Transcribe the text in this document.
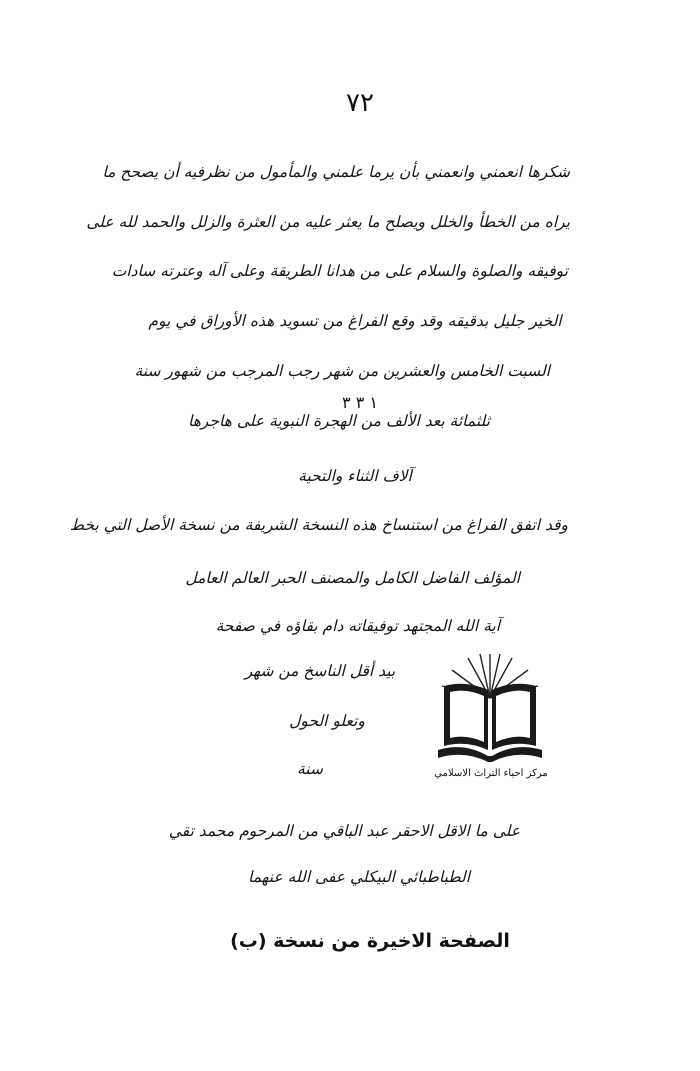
٧٢
شكرها انعمني وانعمني بأن يرما علمني والمأمول من نظرفيه أن يصحح ما
يراه من الخطأ والخلل ويصلح ما يعثر عليه من العثرة والزلل والحمد لله على
توفيقه والصلوة والسلام على من هدانا الطريقة وعلى آله وعترته سادات
الخير جليل بدقيقه وقد وقع الفراغ من تسويد هذه الأوراق في يوم
السبت الخامس والعشرين من شهر رجب المرجب من شهور سنة
١ ٣ ٣
ثلثمائة بعد الألف من الهجرة النبوية على هاجرها
آلاف الثناء والتحية
وقد اتفق الفراغ من استنساخ هذه النسخة الشريفة من نسخة الأصل التي بخط
المؤلف الفاضل الكامل والمصنف الحبر العالم العامل
آية الله المجتهد توفيقاته دام بقاؤه في صفحة
بيد أقل الناسخ من شهر
وتعلو الحول
سنة
على ما الاقل الاحقر عبد الباقي من المرحوم محمد تقي
الطباطبائي البيكلي عفى الله عنهما
مركز احياء التراث الاسلامي
الصفحة الاخيرة من نسخة (ب)
